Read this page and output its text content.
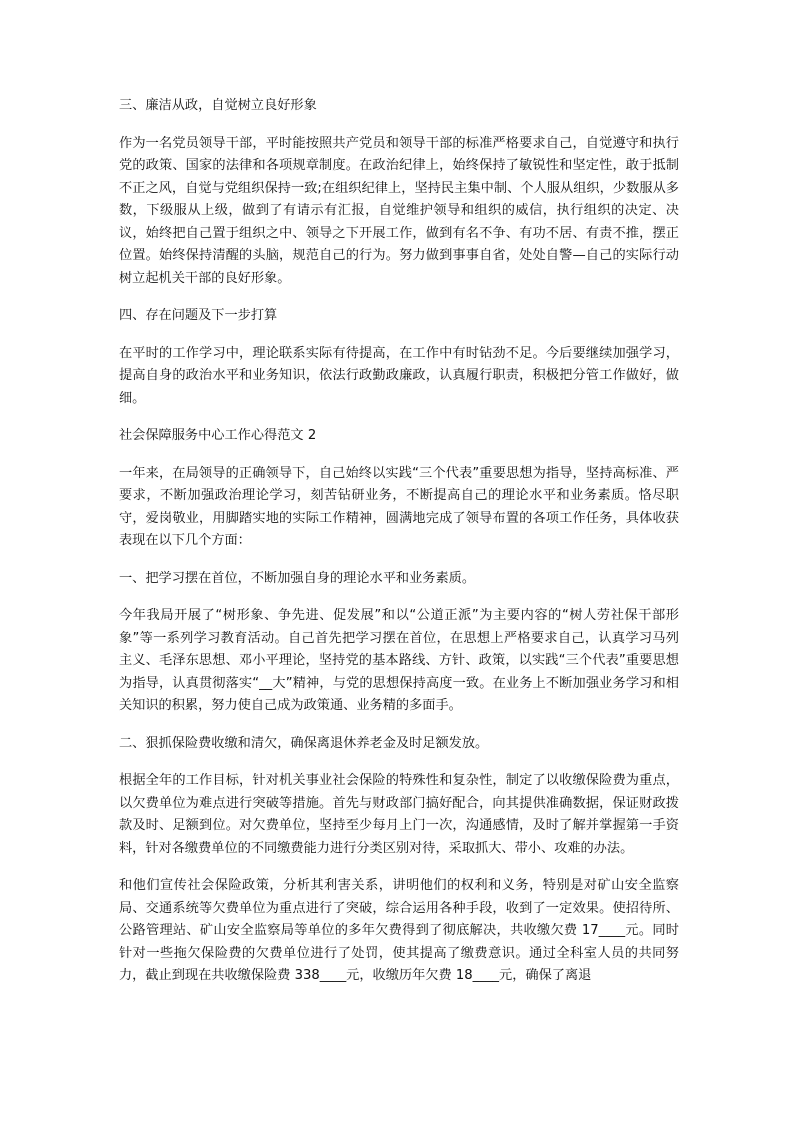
三、廉洁从政，自觉树立良好形象

作为一名党员领导干部，平时能按照共产党员和领导干部的标准严格要求自己，自觉遵守和执行党的政策、国家的法律和各项规章制度。在政治纪律上，始终保持了敏锐性和坚定性，敢于抵制不正之风，自觉与党组织保持一致;在组织纪律上，坚持民主集中制、个人服从组织，少数服从多数，下级服从上级，做到了有请示有汇报，自觉维护领导和组织的威信，执行组织的决定、决议，始终把自己置于组织之中、领导之下开展工作，做到有名不争、有功不居、有责不推，摆正位置。始终保持清醒的头脑，规范自己的行为。努力做到事事自省，处处自警—自己的实际行动树立起机关干部的良好形象。

四、存在问题及下一步打算

在平时的工作学习中，理论联系实际有待提高，在工作中有时钻劲不足。今后要继续加强学习，提高自身的政治水平和业务知识，依法行政勤政廉政，认真履行职责，积极把分管工作做好，做细。

社会保障服务中心工作心得范文 2

一年来，在局领导的正确领导下，自己始终以实践“三个代表”重要思想为指导，坚持高标准、严要求，不断加强政治理论学习，刻苦钻研业务，不断提高自己的理论水平和业务素质。恪尽职守，爱岗敬业，用脚踏实地的实际工作精神，圆满地完成了领导布置的各项工作任务，具体收获表现在以下几个方面：

一、把学习摆在首位，不断加强自身的理论水平和业务素质。

今年我局开展了“树形象、争先进、促发展”和以“公道正派”为主要内容的“树人劳社保干部形象”等一系列学习教育活动。自己首先把学习摆在首位，在思想上严格要求自己，认真学习马列主义、毛泽东思想、邓小平理论，坚持党的基本路线、方针、政策，以实践“三个代表”重要思想为指导，认真贯彻落实“__大”精神，与党的思想保持高度一致。在业务上不断加强业务学习和相关知识的积累，努力使自己成为政策通、业务精的多面手。

二、狠抓保险费收缴和清欠，确保离退休养老金及时足额发放。

根据全年的工作目标，针对机关事业社会保险的特殊性和复杂性，制定了以收缴保险费为重点，以欠费单位为难点进行突破等措施。首先与财政部门搞好配合，向其提供准确数据，保证财政拨款及时、足额到位。对欠费单位，坚持至少每月上门一次，沟通感情，及时了解并掌握第一手资料，针对各缴费单位的不同缴费能力进行分类区别对待，采取抓大、带小、攻难的办法。

和他们宣传社会保险政策，分析其利害关系，讲明他们的权利和义务，特别是对矿山安全监察局、交通系统等欠费单位为重点进行了突破，综合运用各种手段，收到了一定效果。使招待所、公路管理站、矿山安全监察局等单位的多年欠费得到了彻底解决，共收缴欠费 17____元。同时针对一些拖欠保险费的欠费单位进行了处罚，使其提高了缴费意识。通过全科室人员的共同努力，截止到现在共收缴保险费 338____元，收缴历年欠费 18____元，确保了离退
